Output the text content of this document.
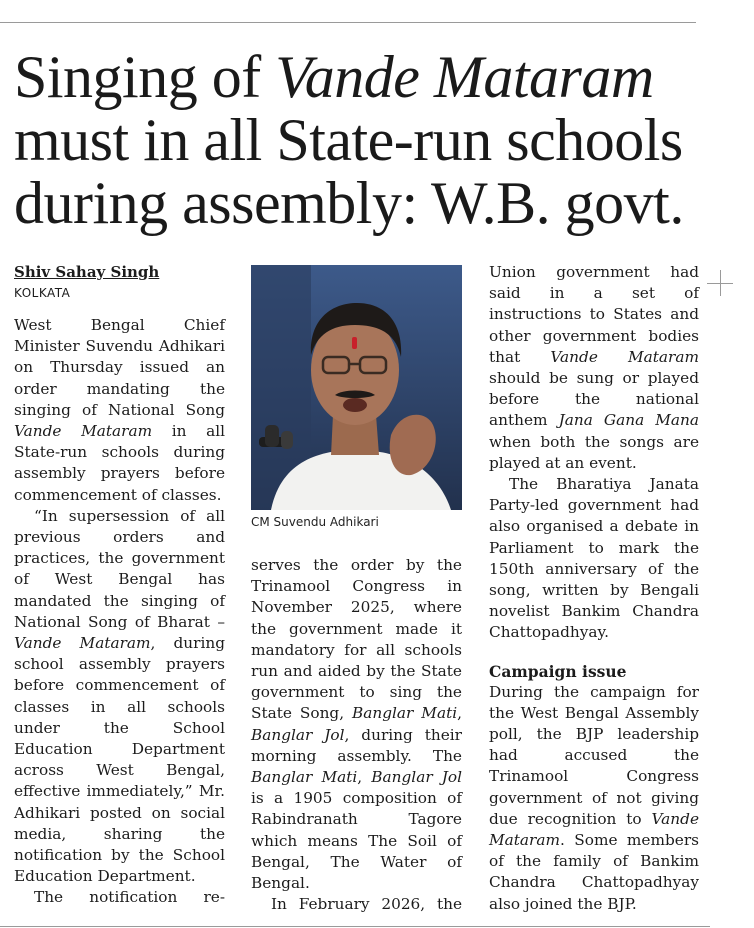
Singing of Vande Mataram
must in all State-run schools
during assembly: W.B. govt.
Shiv Sahay Singh
KOLKATA

West Bengal Chief Minister Suvendu Adhikari on Thursday issued an order mandating the singing of National Song Vande Mataram in all State-run schools during assembly prayers before commencement of classes.

“In supersession of all previous orders and practices, the government of West Bengal has mandated the singing of National Song of Bharat – Vande Mataram, during school assembly prayers before commencement of classes in all schools under the School Education Department across West Bengal, effective immediately,” Mr. Adhikari posted on social media, sharing the notification by the School Education Department.

The notification re-

CM Suvendu Adhikari

serves the order by the Trinamool Congress in November 2025, where the government made it mandatory for all schools run and aided by the State government to sing the State Song, Banglar Mati, Banglar Jol, during their morning assembly. The Banglar Mati, Banglar Jol is a 1905 composition of Rabindranath Tagore which means The Soil of Bengal, The Water of Bengal.

In February 2026, the

Union government had said in a set of instructions to States and other government bodies that Vande Mataram should be sung or played before the national anthem Jana Gana Mana when both the songs are played at an event.

The Bharatiya Janata Party-led government had also organised a debate in Parliament to mark the 150th anniversary of the song, written by Bengali novelist Bankim Chandra Chattopadhyay.

Campaign issue

During the campaign for the West Bengal Assembly poll, the BJP leadership had accused the Trinamool Congress government of not giving due recognition to Vande Mataram. Some members of the family of Bankim Chandra Chattopadhyay also joined the BJP.
